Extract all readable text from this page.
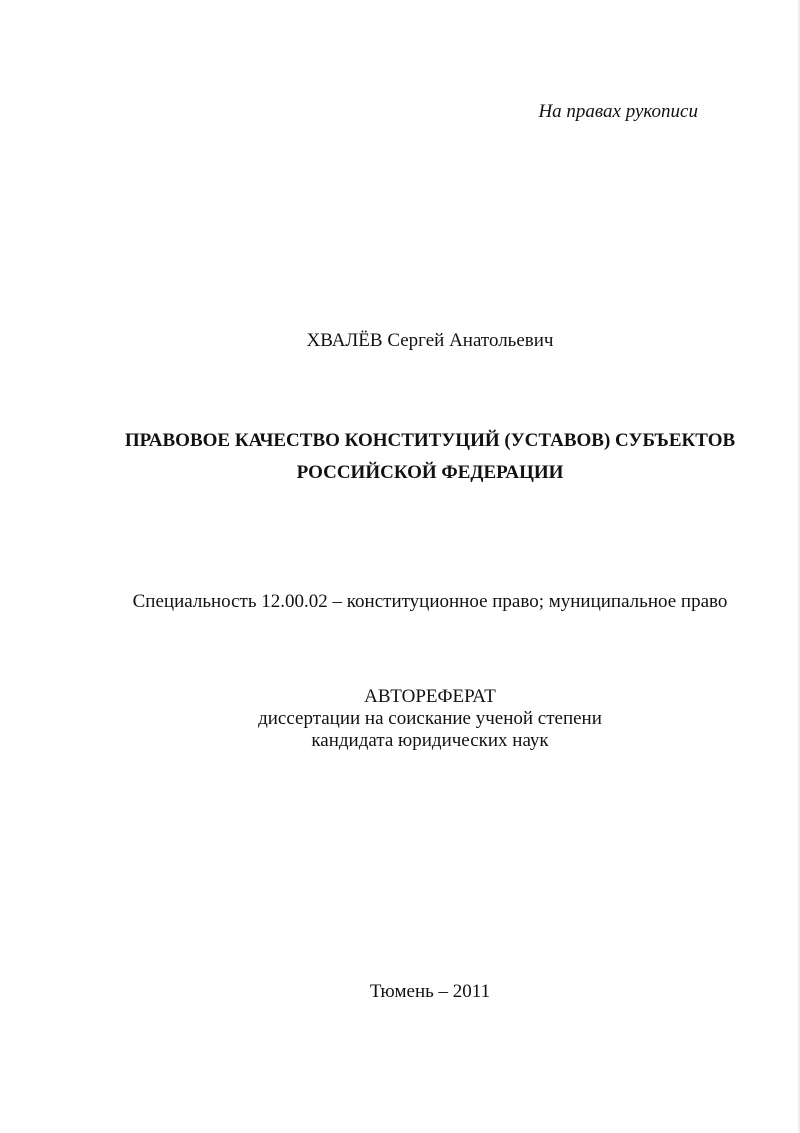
На правах рукописи
ХВАЛЁВ Сергей Анатольевич
ПРАВОВОЕ КАЧЕСТВО КОНСТИТУЦИЙ (УСТАВОВ) СУБЪЕКТОВ
РОССИЙСКОЙ ФЕДЕРАЦИИ
Специальность 12.00.02 – конституционное право; муниципальное право
АВТОРЕФЕРАТ
диссертации на соискание ученой степени
кандидата юридических наук
Тюмень – 2011
